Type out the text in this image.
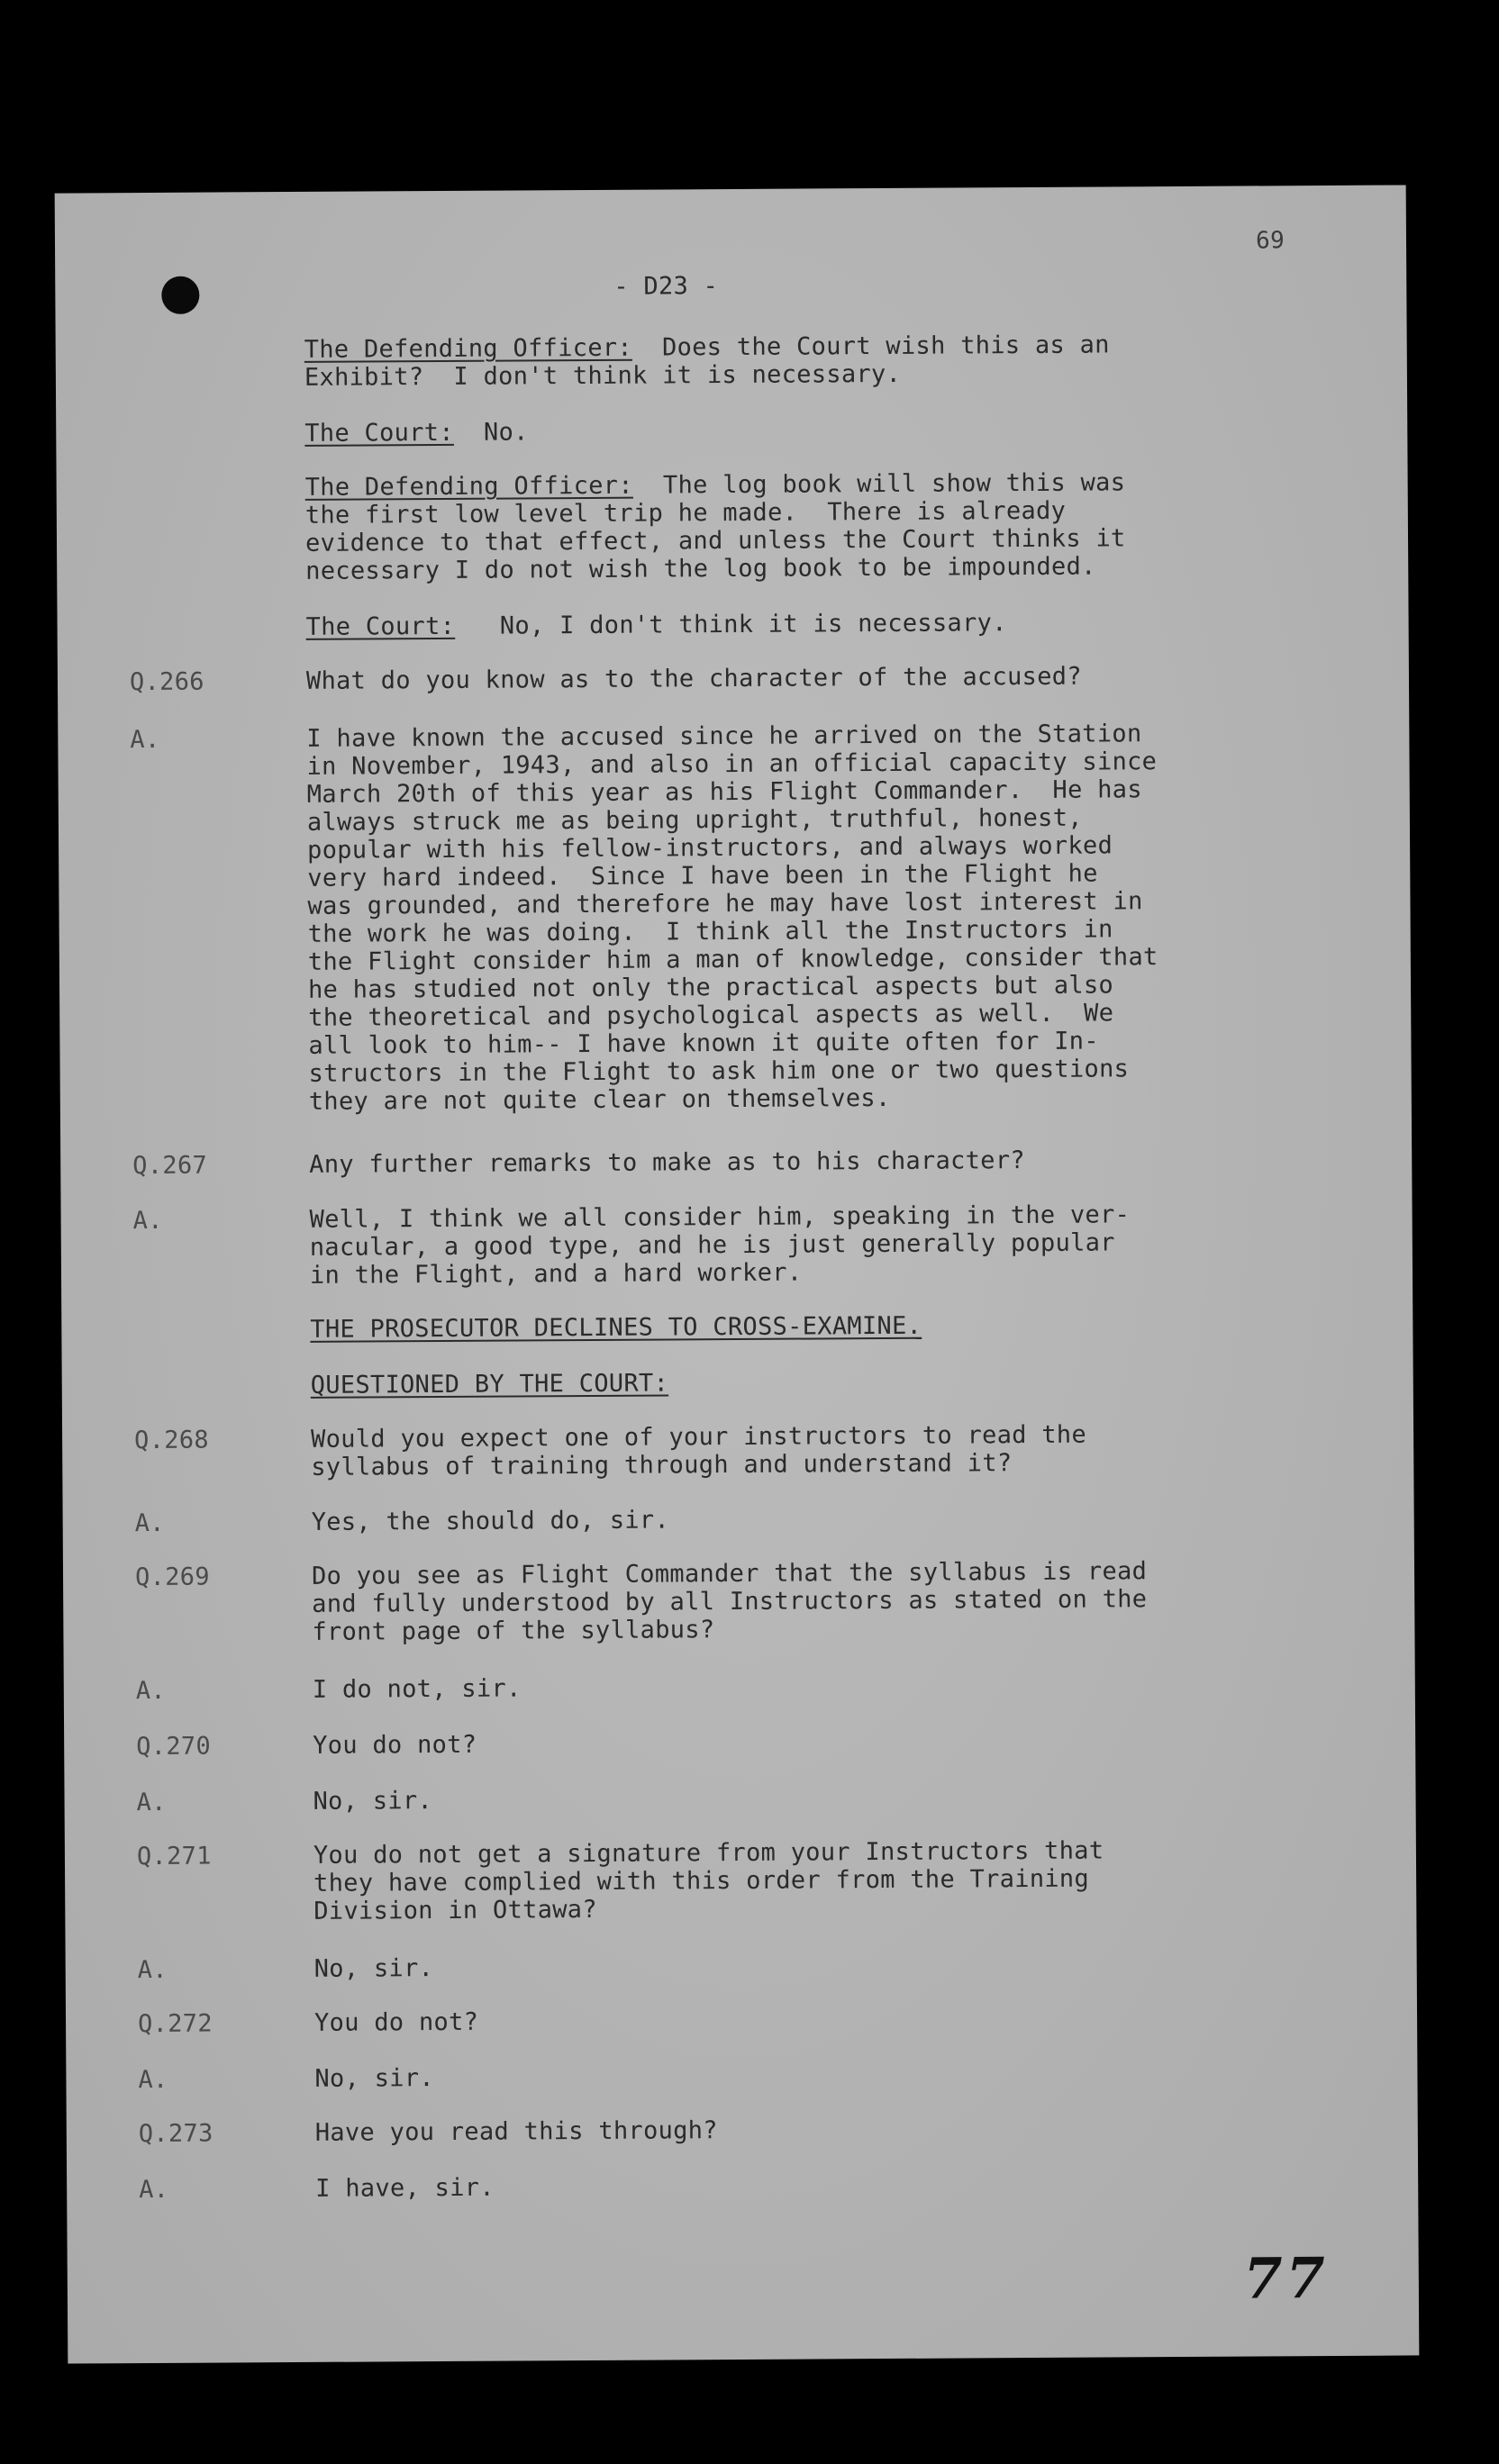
69
- D23 -
The Defending Officer: Does the Court wish this as an
Exhibit?  I don't think it is necessary.
The Court: No.
The Defending Officer: The log book will show this was
the first low level trip he made.  There is already
evidence to that effect, and unless the Court thinks it
necessary I do not wish the log book to be impounded.
The Court: No, I don't think it is necessary.
Q.266	What do you know as to the character of the accused?
A.	I have known the accused since he arrived on the Station
in November, 1943, and also in an official capacity since
March 20th of this year as his Flight Commander.  He has
always struck me as being upright, truthful, honest,
popular with his fellow-instructors, and always worked
very hard indeed.  Since I have been in the Flight he
was grounded, and therefore he may have lost interest in
the work he was doing.  I think all the Instructors in
the Flight consider him a man of knowledge, consider that
he has studied not only the practical aspects but also
the theoretical and psychological aspects as well.  We
all look to him-- I have known it quite often for In-
structors in the Flight to ask him one or two questions
they are not quite clear on themselves.
Q.267	Any further remarks to make as to his character?
A.	Well, I think we all consider him, speaking in the ver-
nacular, a good type, and he is just generally popular
in the Flight, and a hard worker.
THE PROSECUTOR DECLINES TO CROSS-EXAMINE.
QUESTIONED BY THE COURT:
Q.268	Would you expect one of your instructors to read the
syllabus of training through and understand it?
A.	Yes, the should do, sir.
Q.269	Do you see as Flight Commander that the syllabus is read
and fully understood by all Instructors as stated on the
front page of the syllabus?
A.	I do not, sir.
Q.270	You do not?
A.	No, sir.
Q.271	You do not get a signature from your Instructors that
they have complied with this order from the Training
Division in Ottawa?
A.	No, sir.
Q.272	You do not?
A.	No, sir.
Q.273	Have you read this through?
A.	I have, sir.
77
